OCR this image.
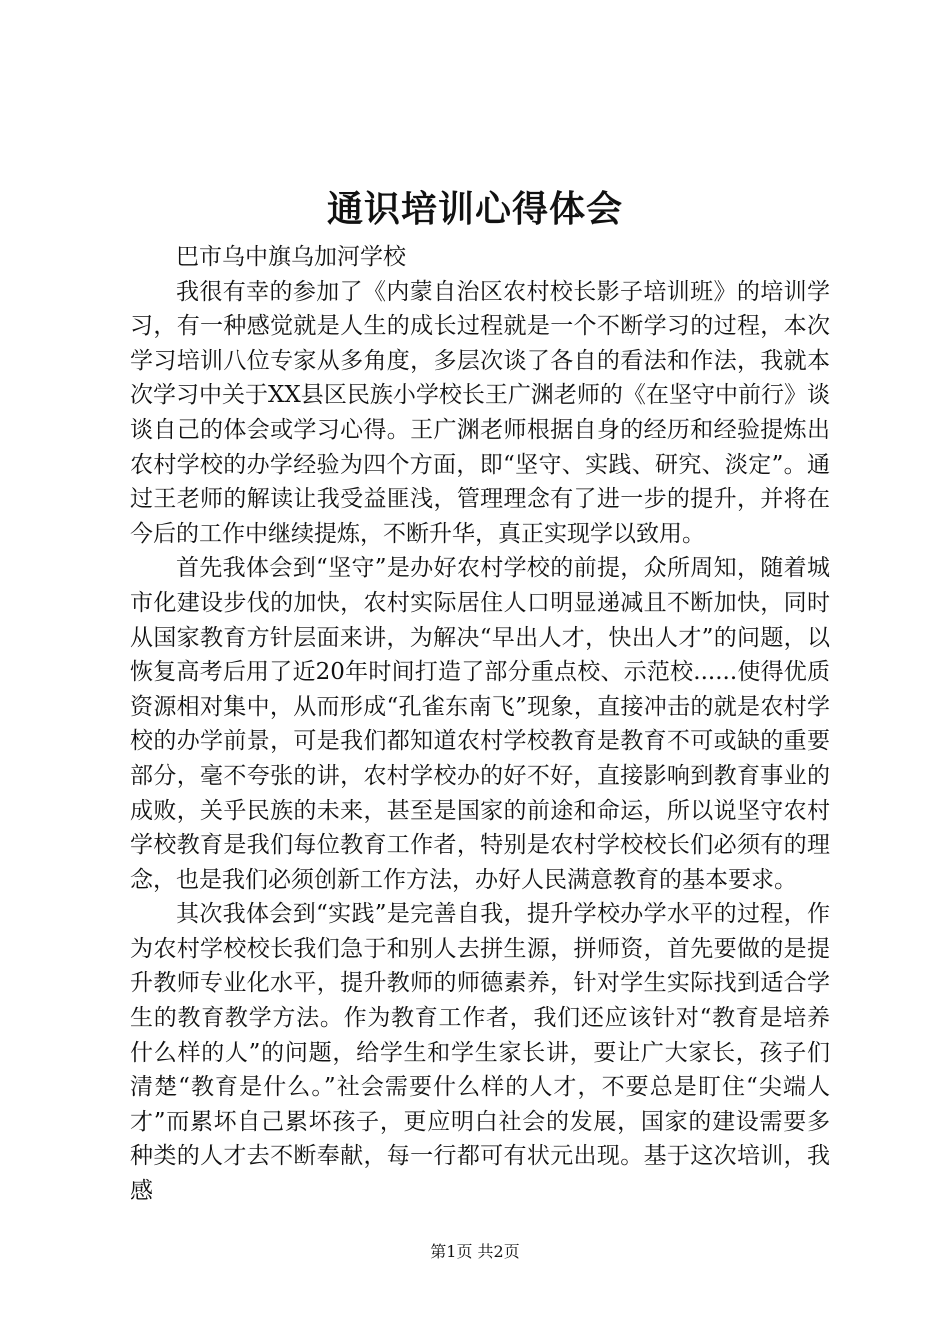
通识培训心得体会

巴市乌中旗乌加河学校

我很有幸的参加了《内蒙自治区农村校长影子培训班》的培训学习，有一种感觉就是人生的成长过程就是一个不断学习的过程，本次学习培训八位专家从多角度，多层次谈了各自的看法和作法，我就本次学习中关于XX县区民族小学校长王广渊老师的《在坚守中前行》谈谈自己的体会或学习心得。王广渊老师根据自身的经历和经验提炼出农村学校的办学经验为四个方面，即“坚守、实践、研究、淡定”。通过王老师的解读让我受益匪浅，管理理念有了进一步的提升，并将在今后的工作中继续提炼，不断升华，真正实现学以致用。

首先我体会到“坚守”是办好农村学校的前提，众所周知，随着城市化建设步伐的加快，农村实际居住人口明显递减且不断加快，同时从国家教育方针层面来讲，为解决“早出人才，快出人才”的问题，以恢复高考后用了近20年时间打造了部分重点校、示范校......使得优质资源相对集中，从而形成“孔雀东南飞”现象，直接冲击的就是农村学校的办学前景，可是我们都知道农村学校教育是教育不可或缺的重要部分，毫不夸张的讲，农村学校办的好不好，直接影响到教育事业的成败，关乎民族的未来，甚至是国家的前途和命运，所以说坚守农村学校教育是我们每位教育工作者，特别是农村学校校长们必须有的理念，也是我们必须创新工作方法，办好人民满意教育的基本要求。

其次我体会到“实践”是完善自我，提升学校办学水平的过程，作为农村学校校长我们急于和别人去拼生源，拼师资，首先要做的是提升教师专业化水平，提升教师的师德素养，针对学生实际找到适合学生的教育教学方法。作为教育工作者，我们还应该针对“教育是培养什么样的人”的问题，给学生和学生家长讲，要让广大家长，孩子们清楚“教育是什么。”社会需要什么样的人才，不要总是盯住“尖端人才”而累坏自己累坏孩子，更应明白社会的发展，国家的建设需要多种类的人才去不断奉献，每一行都可有状元出现。基于这次培训，我感

第1页 共2页
